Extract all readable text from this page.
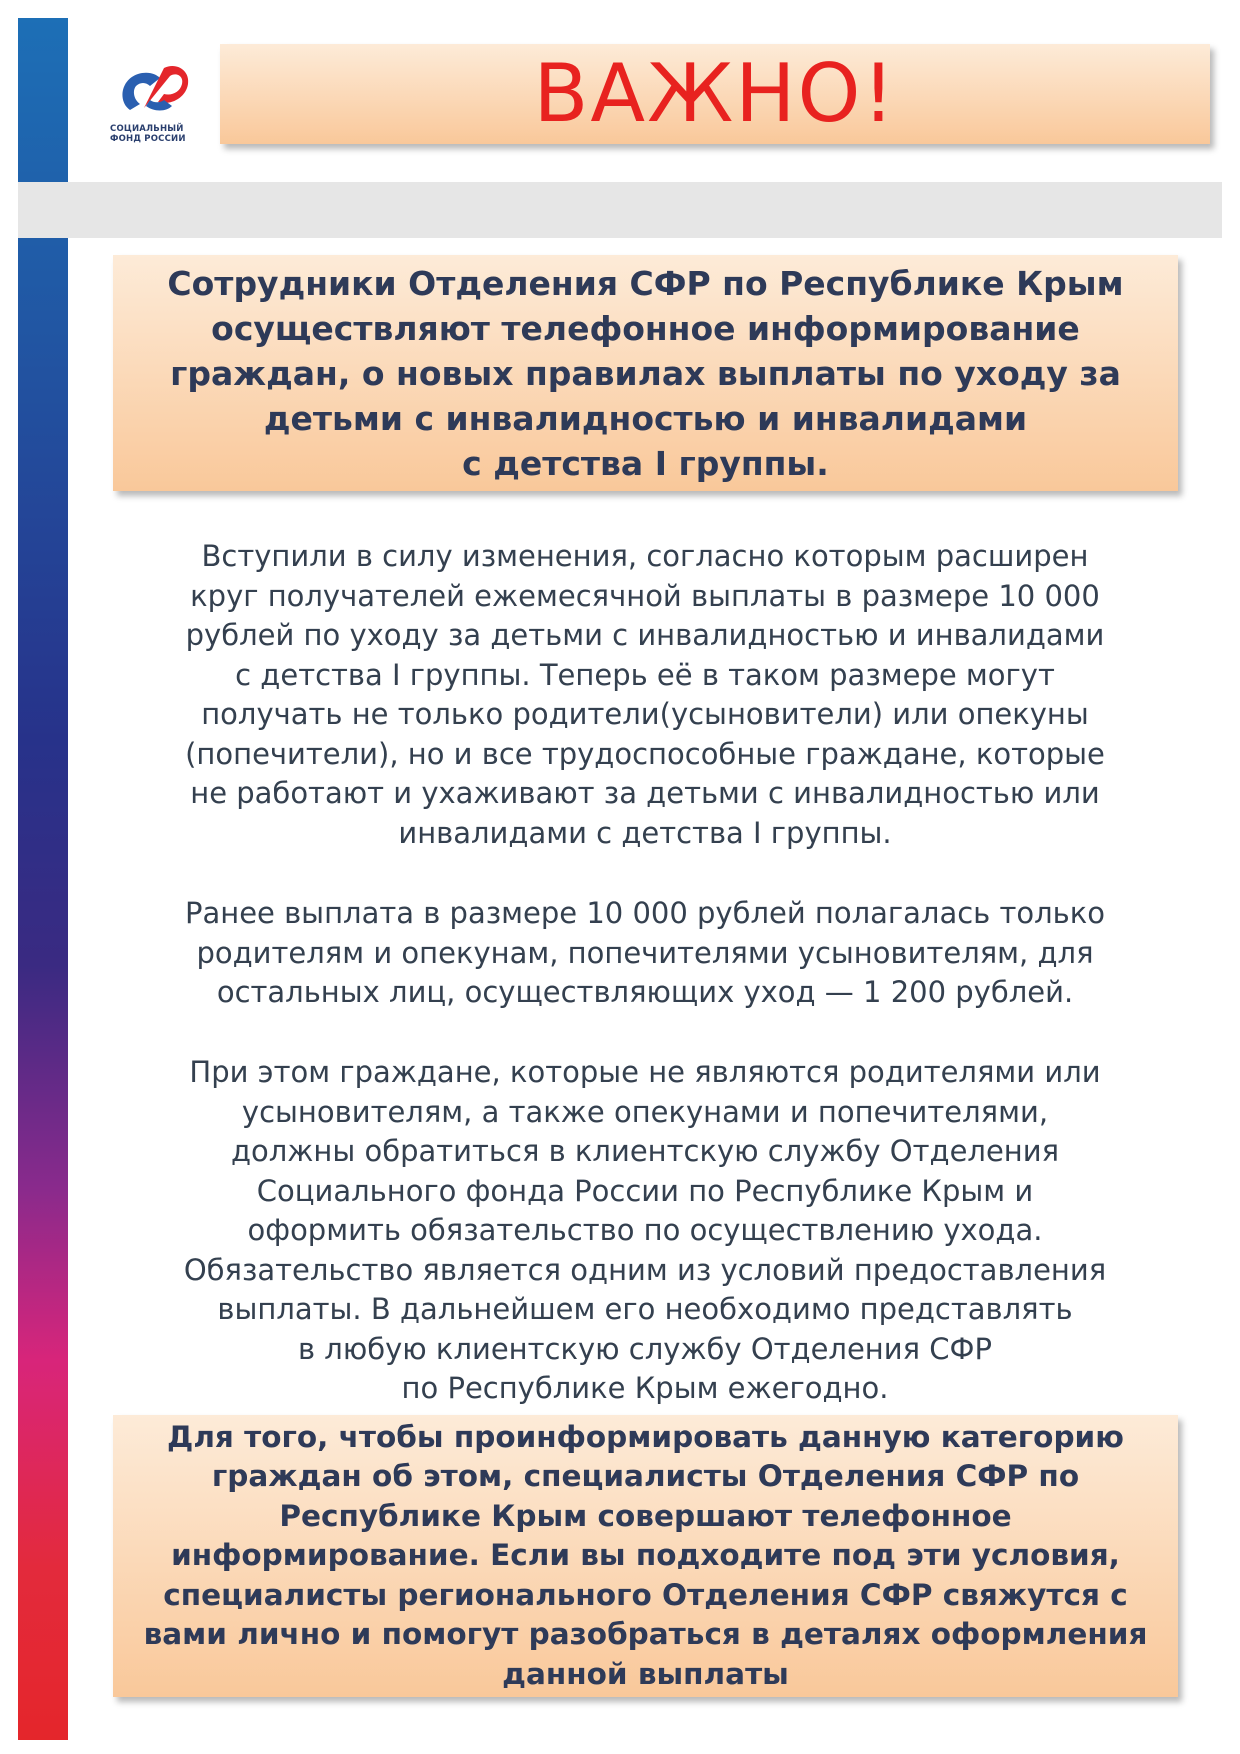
СОЦИАЛЬНЫЙ
ФОНД РОССИИ	ВАЖНО!

Сотрудники Отделения СФР по Республике Крым
осуществляют телефонное информирование
граждан, о новых правилах выплаты по уходу за
детьми с инвалидностью и инвалидами
с детства I группы.

Вступили в силу изменения, согласно которым расширен
круг получателей ежемесячной выплаты в размере 10 000
рублей по уходу за детьми с инвалидностью и инвалидами
с детства I группы. Теперь её в таком размере могут
получать не только родители(усыновители) или опекуны
(попечители), но и все трудоспособные граждане, которые
не работают и ухаживают за детьми с инвалидностью или
инвалидами с детства I группы.

Ранее выплата в размере 10 000 рублей полагалась только
родителям и опекунам, попечителями усыновителям, для
остальных лиц, осуществляющих уход — 1 200 рублей.

При этом граждане, которые не являются родителями или
усыновителям, а также опекунами и попечителями,
должны обратиться в клиентскую службу Отделения
Социального фонда России по Республике Крым и
оформить обязательство по осуществлению ухода.
Обязательство является одним из условий предоставления
выплаты. В дальнейшем его необходимо представлять
в любую клиентскую службу Отделения СФР
по Республике Крым ежегодно.

Для того, чтобы проинформировать данную категорию
граждан об этом, специалисты Отделения СФР по
Республике Крым совершают телефонное
информирование. Если вы подходите под эти условия,
специалисты регионального Отделения СФР свяжутся с
вами лично и помогут разобраться в деталях оформления
данной выплаты
